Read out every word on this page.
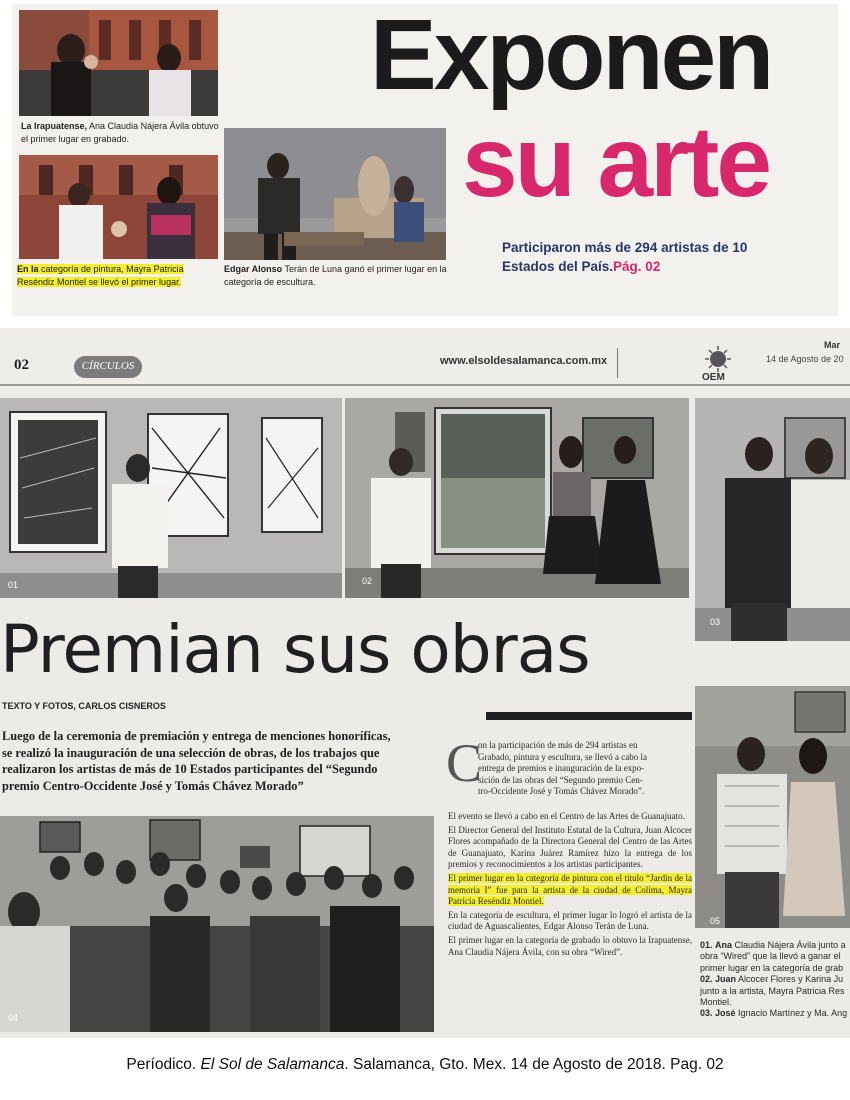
La Irapuatense, Ana Claudia Nájera Ávila obtuvo
el primer lugar en grabado.
En la categoría de pintura, Mayra Patricia
Reséndiz Montiel se llevó el primer lugar.
Edgar Alonso Terán de Luna ganó el primer lugar en la
categoría de escultura.
Exponen
su arte
Participaron más de 294 artistas de 10
Estados del País.Pág. 02
02	CÍRCULOS	www.elsoldesalamanca.com.mx
OEM
Mar
14 de Agosto de 20
01	02
03
Premian sus obras
TEXTO Y FOTOS, CARLOS CISNEROS
Luego de la ceremonia de premiación y entrega de menciones honoríficas,
se realizó la inauguración de una selección de obras, de los trabajos que
realizaron los artistas de más de 10 Estados participantes del “Segundo
premio Centro-Occidente José y Tomás Chávez Morado”
04
C
on la participación de más de 294 artistas en
Grabado, pintura y escultura, se llevó a cabo la
entrega de premios e inauguración de la expo-
sición de las obras del “Segundo premio Cen-
tro-Occidente José y Tomás Chávez Morado”.

El evento se llevó a cabo en el Centro de las Artes de Guanajuato.

El Director General del Instituto Estatal de la Cultura, Juan Alcocer Flores acompañado de la Directora General del Centro de las Artes de Guanajuato, Karina Juárez Ramírez hizo la entrega de los premios y reconocimientos a los artistas participantes.

El primer lugar en la categoría de pintura con el título “Jardín de la memoria I” fue para la artista de la ciudad de Colima, Mayra Patricia Reséndiz Montiel.

En la categoría de escultura, el primer lugar lo logró el artista de la ciudad de Aguascalientes, Edgar Alonso Terán de Luna.

El primer lugar en la categoría de grabado lo obtuvo la Irapuatense, Ana Claudia Nájera Ávila, con su obra “Wired”.

05
01. Ana Claudia Nájera Ávila junto a
obra “Wired” que la llevó a ganar el
primer lugar en la categoría de grab
02. Juan Alcocer Flores y Karina Ju
junto a la artista, Mayra Patricia Res
Montiel.
03. José Ignacio Martínez y Ma. Ang
Períodico. El Sol de Salamanca. Salamanca, Gto. Mex. 14 de Agosto de 2018. Pag. 02
